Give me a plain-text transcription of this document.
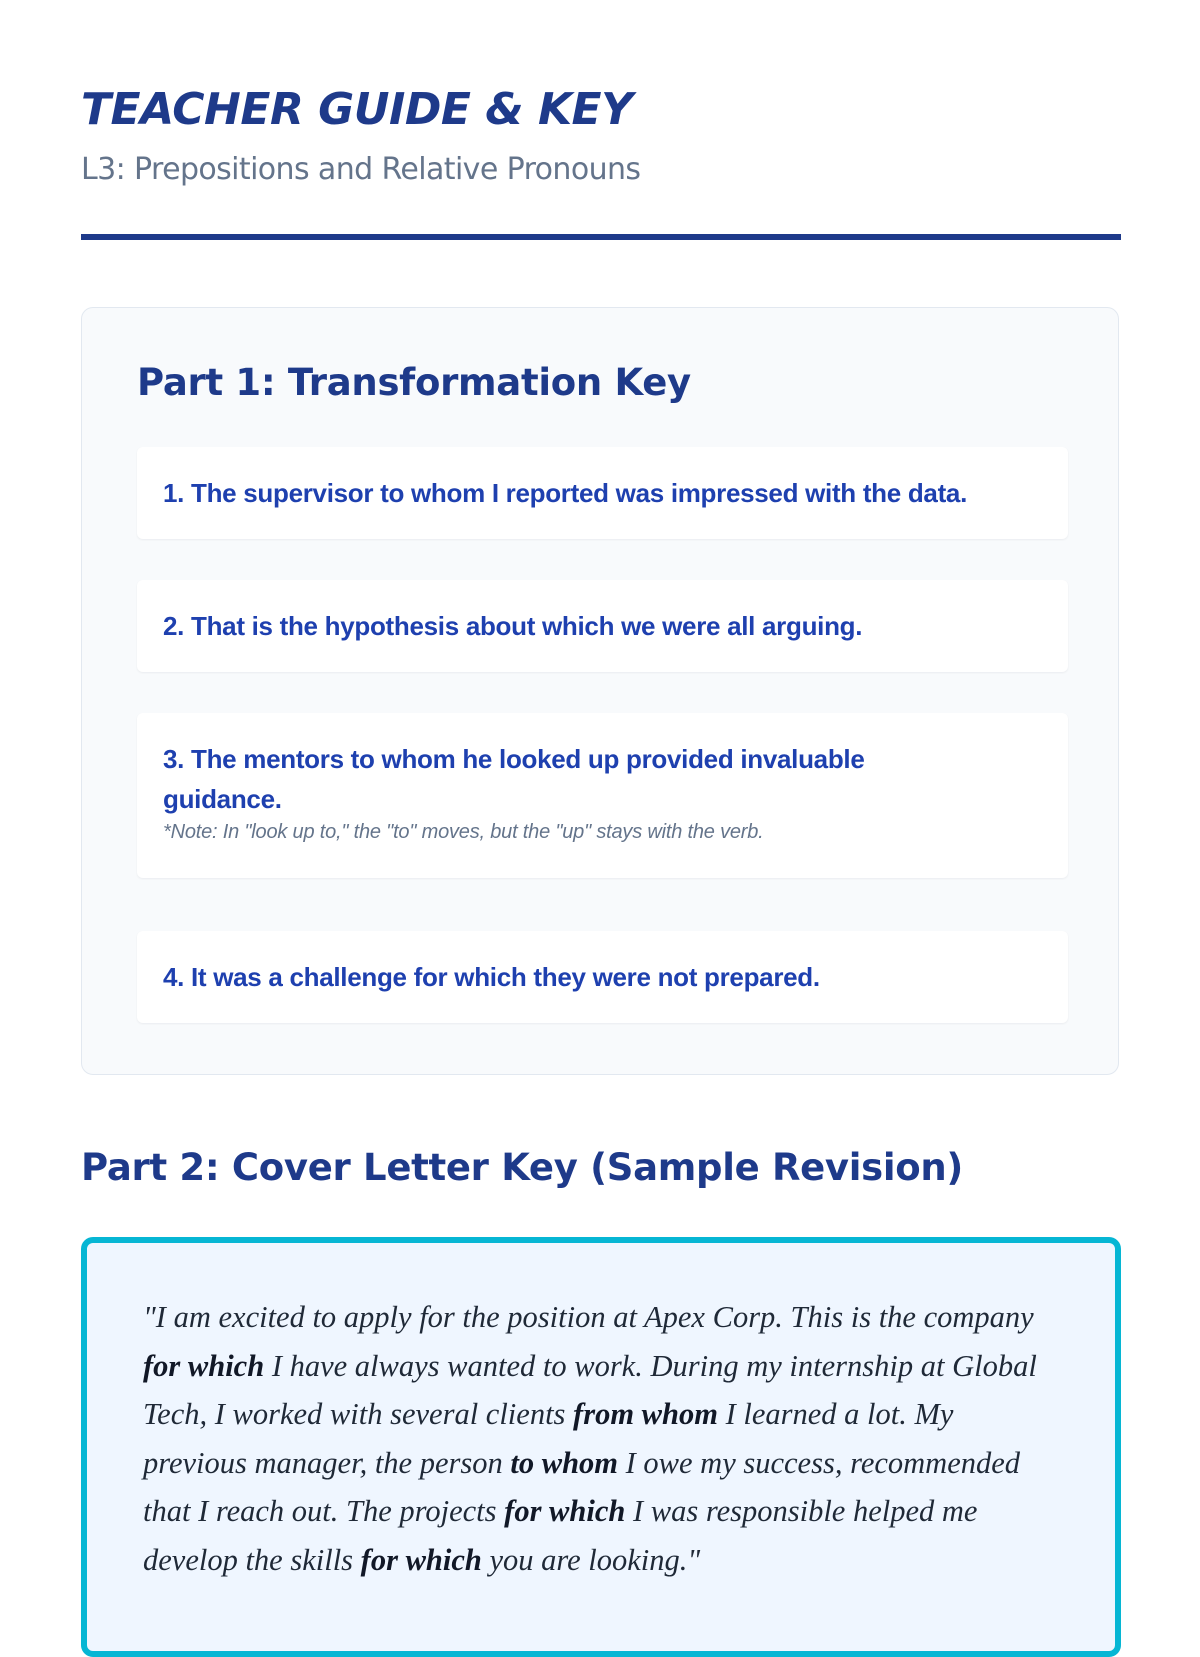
TEACHER GUIDE & KEY
L3: Prepositions and Relative Pronouns
Part 1: Transformation Key
1. The supervisor to whom I reported was impressed with the data.
2. That is the hypothesis about which we were all arguing.
3. The mentors to whom he looked up provided invaluable guidance.
*Note: In "look up to," the "to" moves, but the "up" stays with the verb.
4. It was a challenge for which they were not prepared.
Part 2: Cover Letter Key (Sample Revision)

"I am excited to apply for the position at Apex Corp. This is the company for which I have always wanted to work. During my internship at Global Tech, I worked with several clients from whom I learned a lot. My previous manager, the person to whom I owe my success, recommended that I reach out. The projects for which I was responsible helped me develop the skills for which you are looking."
